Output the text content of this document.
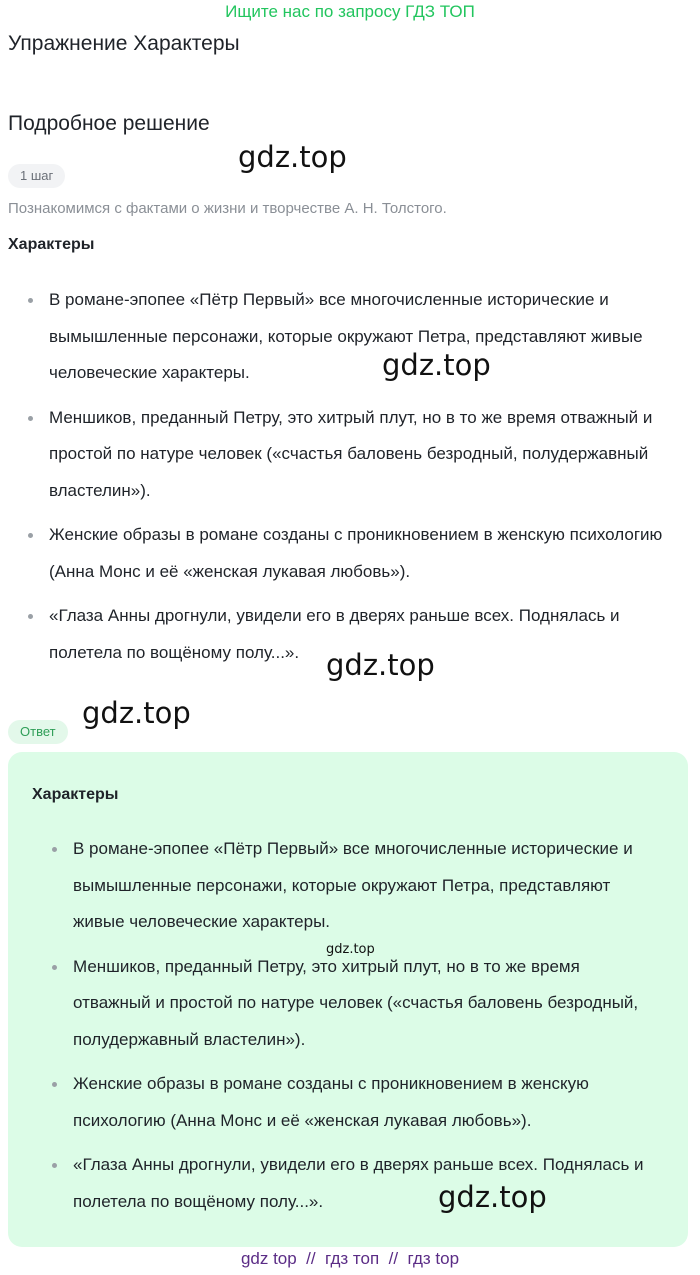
Ищите нас по запросу ГДЗ ТОП
Упражнение Характеры
Подробное решение
gdz.top
1 шаг
Познакомимся с фактами о жизни и творчестве А. Н. Толстого.
Характеры
В романе-эпопее «Пётр Первый» все многочисленные исторические и вымышленные персонажи, которые окружают Петра, представляют живые человеческие характеры.
Меншиков, преданный Петру, это хитрый плут, но в то же время отважный и простой по натуре человек («счастья баловень безродный, полудержавный властелин»).
Женские образы в романе созданы с проникновением в женскую психологию (Анна Монс и её «женская лукавая любовь»).
«Глаза Анны дрогнули, увидели его в дверях раньше всех. Поднялась и полетела по вощёному полу...».
gdz.top
gdz.top
gdz.top
Ответ
Характеры
В романе-эпопее «Пётр Первый» все многочисленные исторические и вымышленные персонажи, которые окружают Петра, представляют живые человеческие характеры.
Меншиков, преданный Петру, это хитрый плут, но в то же время отважный и простой по натуре человек («счастья баловень безродный, полудержавный властелин»).
Женские образы в романе созданы с проникновением в женскую психологию (Анна Монс и её «женская лукавая любовь»).
«Глаза Анны дрогнули, увидели его в дверях раньше всех. Поднялась и полетела по вощёному полу...».
gdz.top
gdz.top
gdz top  //  гдз топ  //  гдз top
